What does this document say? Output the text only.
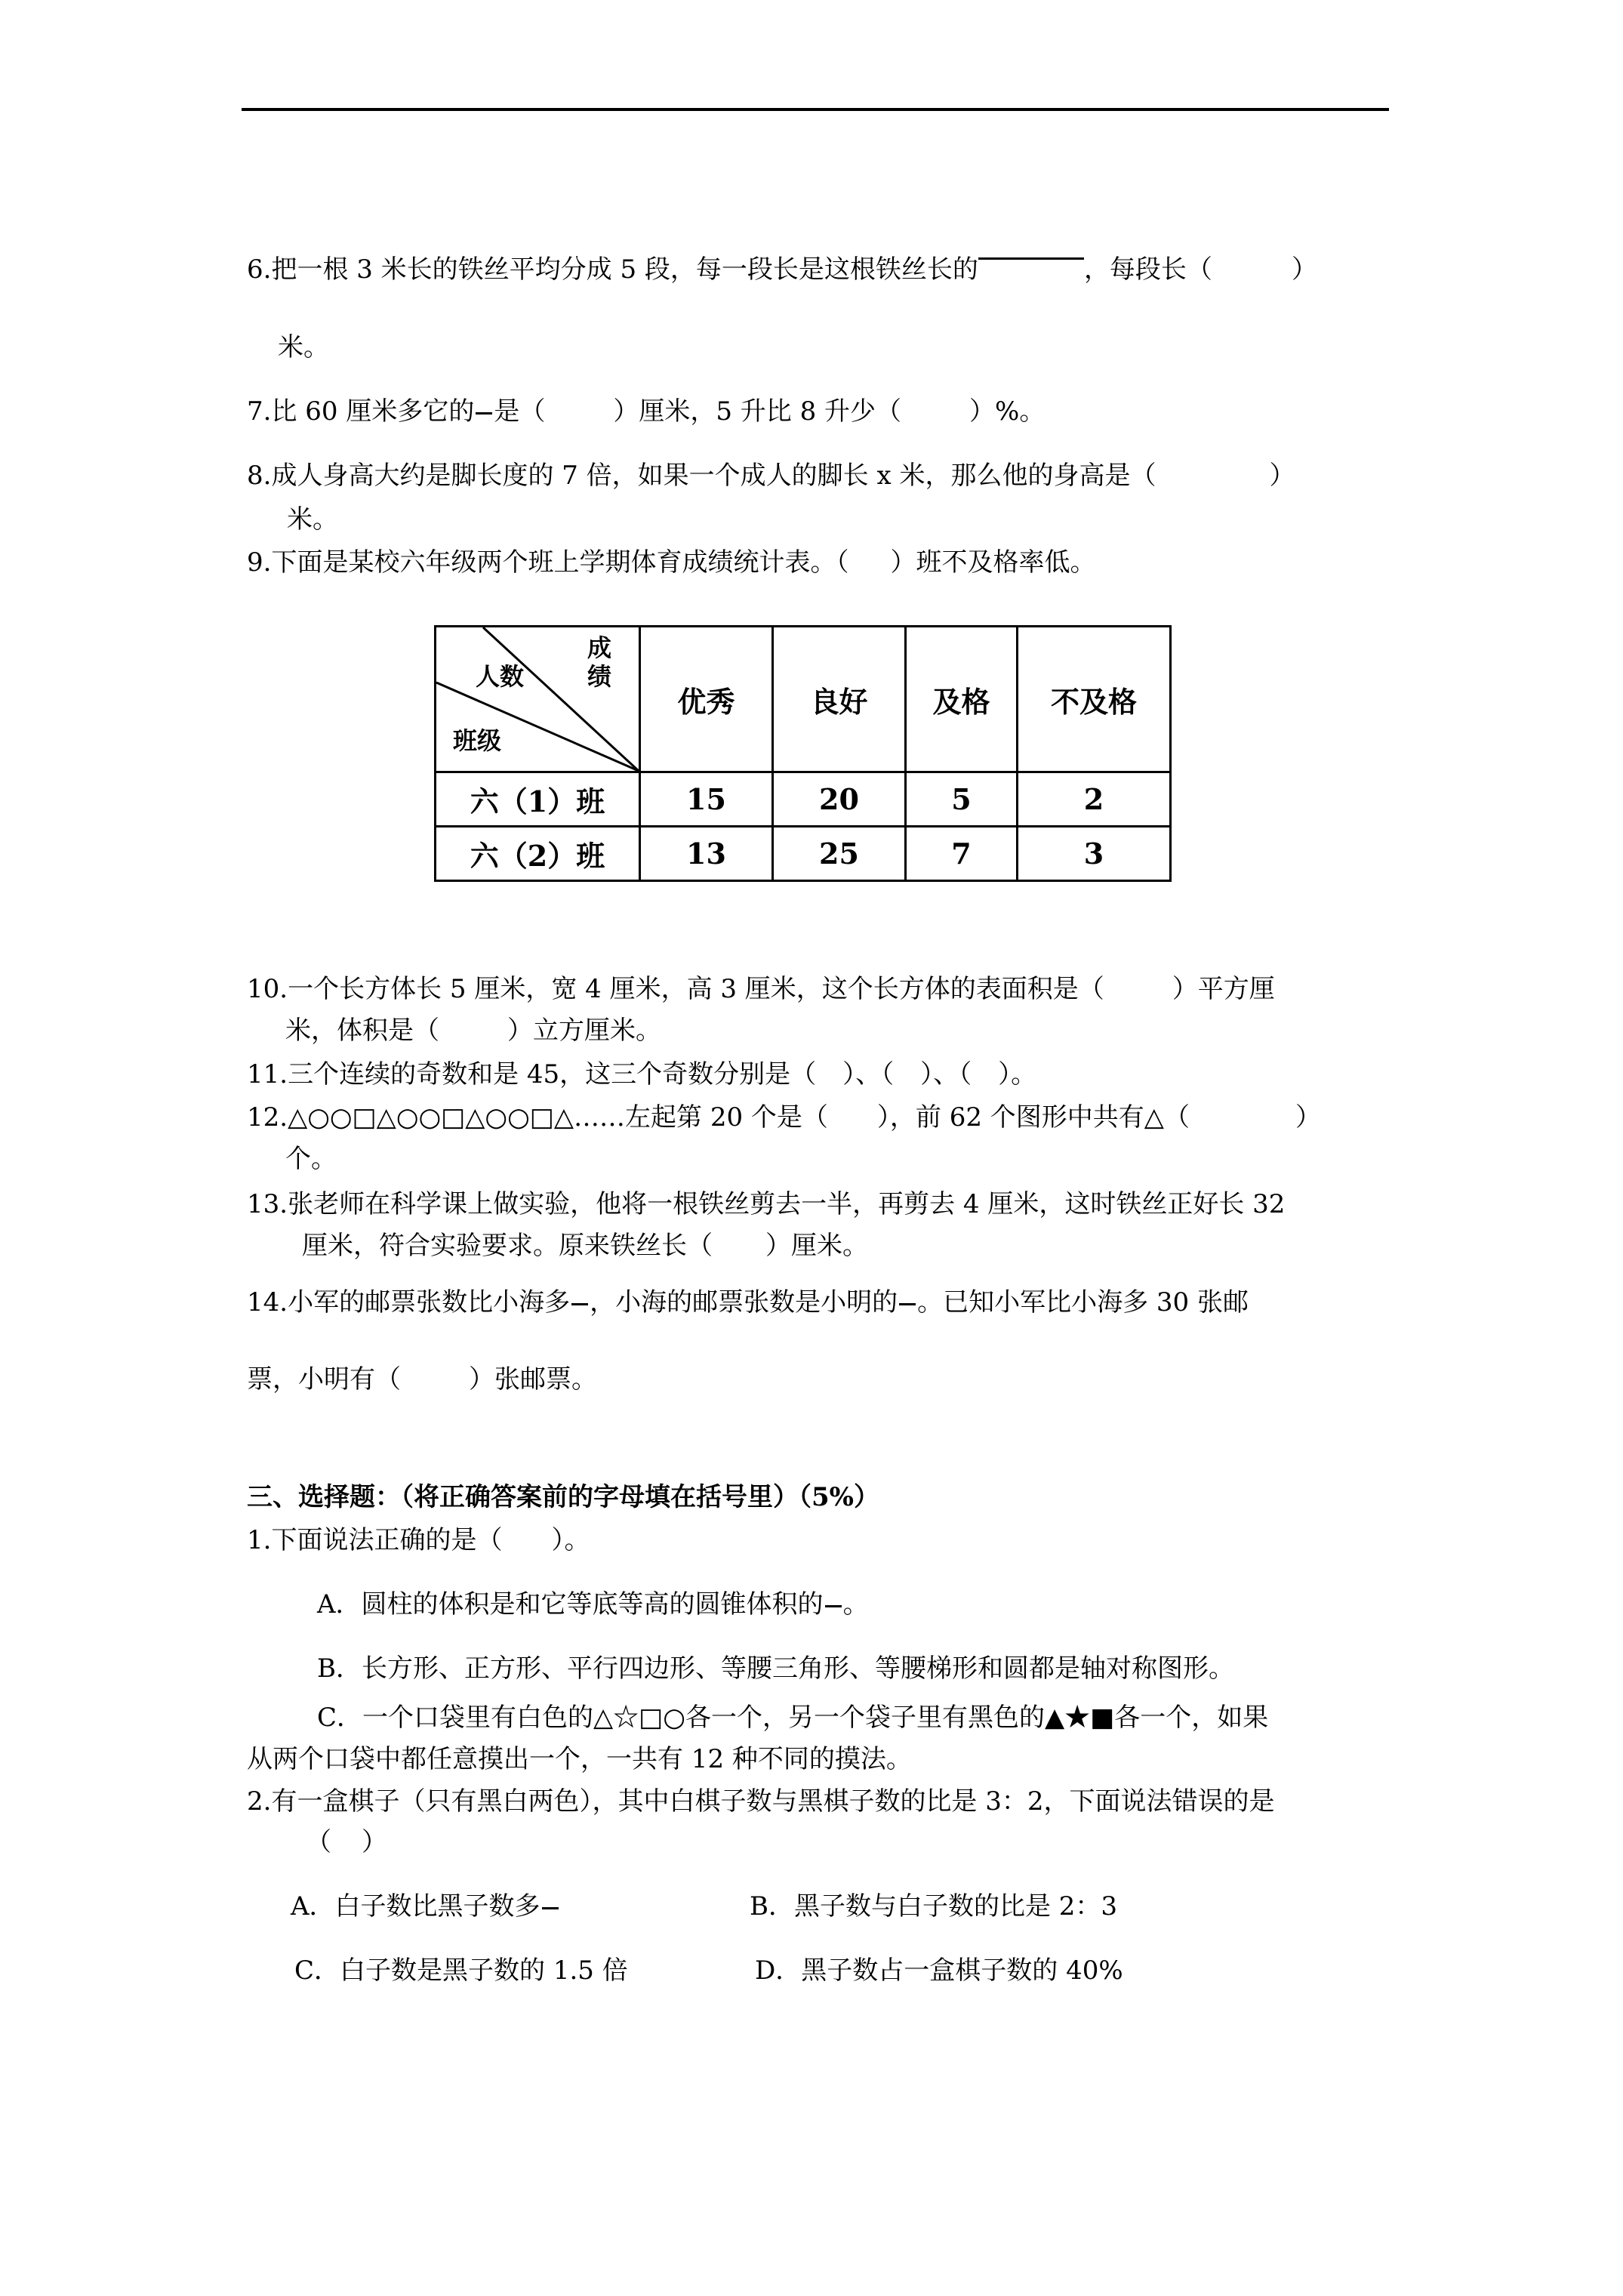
6.把一根 3 米长的铁丝平均分成 5 段，每一段长是这根铁丝长的	，每段长（	）
米。
7.比 60 厘米多它的 是（	）厘米，5 升比 8 升少（	）%。
8.成人身高大约是脚长度的 7 倍，如果一个成人的脚长 x 米，那么他的身高是（	）
米。
9.下面是某校六年级两个班上学期体育成绩统计表。（ ）班不及格率低。
成
绩
人数
班级	优秀	良好	及格	不及格
六（1）班	15	20	5	2
六（2）班	13	25	7	3
10.一个长方体长 5 厘米，宽 4 厘米，高 3 厘米，这个长方体的表面积是（	）平方厘
米，体积是（	）立方厘米。
11.三个连续的奇数和是 45，这三个奇数分别是（ ）、（ ）、（ ）。
12.△○○□△○○□△○○□△……左起第 20 个是（ ），前 62 个图形中共有△（	）
个。
13.张老师在科学课上做实验，他将一根铁丝剪去一半，再剪去 4 厘米，这时铁丝正好长 32
厘米，符合实验要求。原来铁丝长（ ）厘米。
14.小军的邮票张数比小海多 ，小海的邮票张数是小明的 。已知小军比小海多 30 张邮
票，小明有（	）张邮票。
三、选择题：（将正确答案前的字母填在括号里）（5%）
1.下面说法正确的是（ ）。
A．圆柱的体积是和它等底等高的圆锥体积的 。
B．长方形、正方形、平行四边形、等腰三角形、等腰梯形和圆都是轴对称图形。
C．一个口袋里有白色的△☆□○各一个，另一个袋子里有黑色的▲★■各一个，如果
从两个口袋中都任意摸出一个，一共有 12 种不同的摸法。
2.有一盒棋子（只有黑白两色），其中白棋子数与黑棋子数的比是 3：2，下面说法错误的是
（ ）
A．白子数比黑子数多	B．黑子数与白子数的比是 2：3
C．白子数是黑子数的 1.5 倍	D．黑子数占一盒棋子数的 40%
